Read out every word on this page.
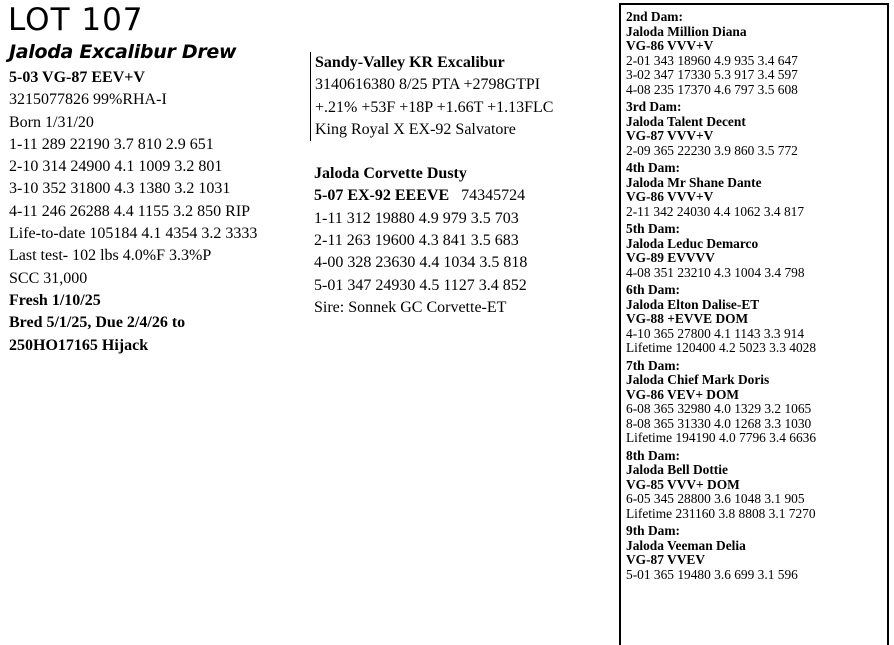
LOT 107
Jaloda Excalibur Drew
5-03 VG-87 EEV+V
3215077826 99%RHA-I
Born 1/31/20
1-11 289 22190 3.7 810 2.9 651
2-10 314 24900 4.1 1009 3.2 801
3-10 352 31800 4.3 1380 3.2 1031
4-11 246 26288 4.4 1155 3.2 850 RIP
Life-to-date 105184 4.1 4354 3.2 3333
Last test- 102 lbs 4.0%F 3.3%P
SCC 31,000
Fresh 1/10/25
Bred 5/1/25, Due 2/4/26 to
250HO17165 Hijack
Sandy-Valley KR Excalibur
3140616380 8/25 PTA +2798GTPI
+.21% +53F +18P +1.66T +1.13FLC
King Royal X EX-92 Salvatore
Jaloda Corvette Dusty
5-07 EX-92 EEEVE 74345724
1-11 312 19880 4.9 979 3.5 703
2-11 263 19600 4.3 841 3.5 683
4-00 328 23630 4.4 1034 3.5 818
5-01 347 24930 4.5 1127 3.4 852
Sire: Sonnek GC Corvette-ET
2nd Dam:
Jaloda Million Diana
VG-86 VVV+V
2-01 343 18960 4.9 935 3.4 647
3-02 347 17330 5.3 917 3.4 597
4-08 235 17370 4.6 797 3.5 608
3rd Dam:
Jaloda Talent Decent
VG-87 VVV+V
2-09 365 22230 3.9 860 3.5 772
4th Dam:
Jaloda Mr Shane Dante
VG-86 VVV+V
2-11 342 24030 4.4 1062 3.4 817
5th Dam:
Jaloda Leduc Demarco
VG-89 EVVVV
4-08 351 23210 4.3 1004 3.4 798
6th Dam:
Jaloda Elton Dalise-ET
VG-88 +EVVE DOM
4-10 365 27800 4.1 1143 3.3 914
Lifetime 120400 4.2 5023 3.3 4028
7th Dam:
Jaloda Chief Mark Doris
VG-86 VEV+ DOM
6-08 365 32980 4.0 1329 3.2 1065
8-08 365 31330 4.0 1268 3.3 1030
Lifetime 194190 4.0 7796 3.4 6636
8th Dam:
Jaloda Bell Dottie
VG-85 VVV+ DOM
6-05 345 28800 3.6 1048 3.1 905
Lifetime 231160 3.8 8808 3.1 7270
9th Dam:
Jaloda Veeman Delia
VG-87 VVEV
5-01 365 19480 3.6 699 3.1 596
